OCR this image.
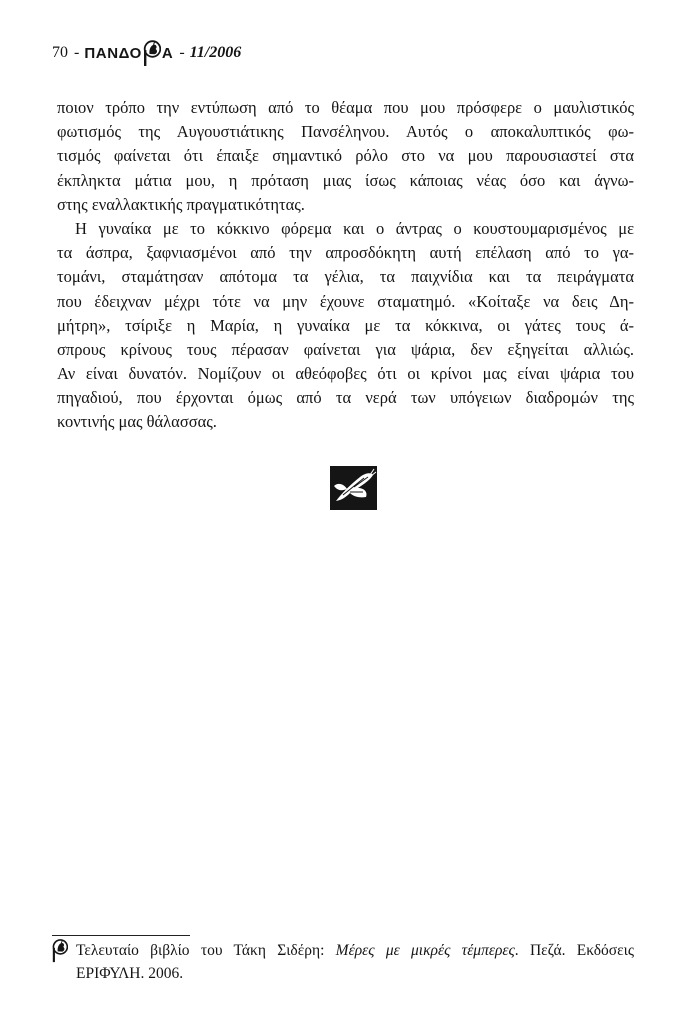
70 - ΠΑΝΔΟ Α - 11/2006
ποιον τρόπο την εντύπωση από το θέαμα που μου πρόσφερε ο μαυλιστικός
φωτισμός της Αυγουστιάτικης Πανσέληνου. Αυτός ο αποκαλυπτικός φω-
τισμός φαίνεται ότι έπαιξε σημαντικό ρόλο στο να μου παρουσιαστεί στα
έκπληκτα μάτια μου, η πρόταση μιας ίσως κάποιας νέας όσο και άγνω-
στης εναλλακτικής πραγματικότητας.
Η γυναίκα με το κόκκινο φόρεμα και ο άντρας ο κουστουμαρισμένος με
τα άσπρα, ξαφνιασμένοι από την απροσδόκητη αυτή επέλαση από το γα-
τομάνι, σταμάτησαν απότομα τα γέλια, τα παιχνίδια και τα πειράγματα
που έδειχναν μέχρι τότε να μην έχουνε σταματημό. «Κοίταξε να δεις Δη-
μήτρη», τσίριξε η Μαρία, η γυναίκα με τα κόκκινα, οι γάτες τους ά-
σπρους κρίνους τους πέρασαν φαίνεται για ψάρια, δεν εξηγείται αλλιώς.
Αν είναι δυνατόν. Νομίζουν οι αθεόφοβες ότι οι κρίνοι μας είναι ψάρια του
πηγαδιού, που έρχονται όμως από τα νερά των υπόγειων διαδρομών της
κοντινής μας θάλασσας.
Τελευταίο βιβλίο του Τάκη Σιδέρη: Μέρες με μικρές τέμπερες. Πεζά. Εκδόσεις
ΕΡΙΦΥΛΗ. 2006.
